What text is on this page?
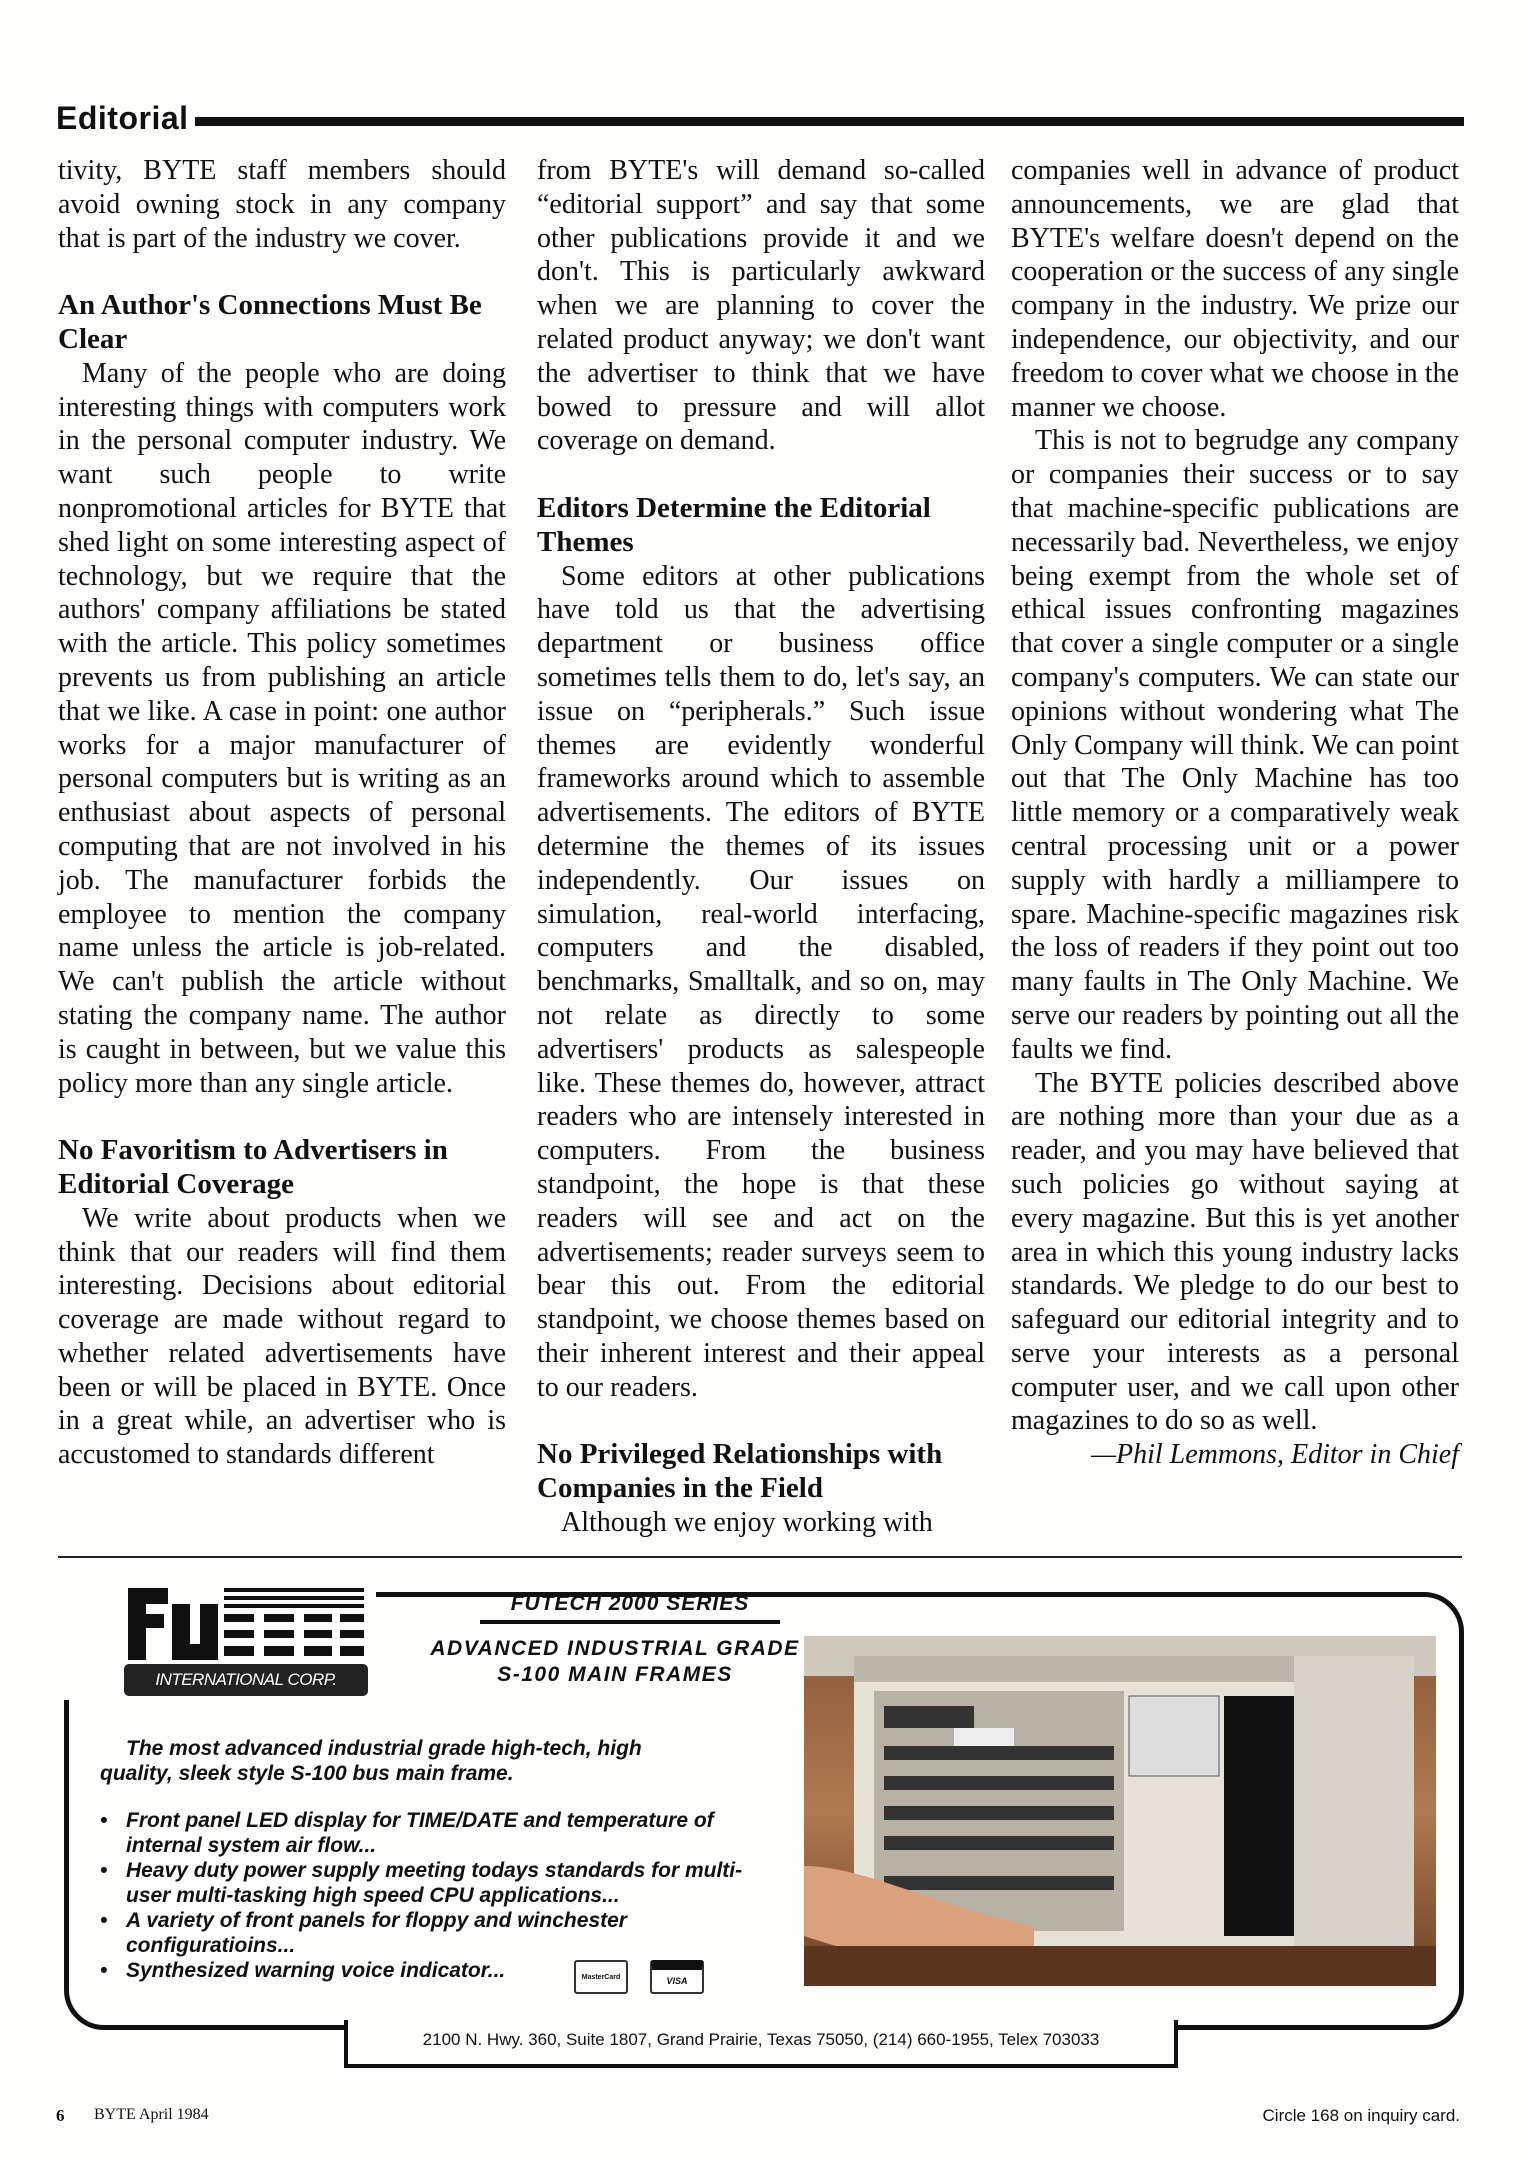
Editorial

tivity, BYTE staff members should avoid owning stock in any company that is part of the industry we cover.

An Author's Connections Must Be Clear

Many of the people who are doing interesting things with computers work in the personal computer industry. We want such people to write nonpromotional articles for BYTE that shed light on some interesting aspect of technology, but we require that the authors' company affiliations be stated with the article. This policy sometimes prevents us from publishing an article that we like. A case in point: one author works for a major manufacturer of personal computers but is writing as an enthusiast about aspects of personal computing that are not involved in his job. The manufacturer forbids the employee to mention the company name unless the article is job-related. We can't publish the article without stating the company name. The author is caught in between, but we value this policy more than any single article.

No Favoritism to Advertisers in Editorial Coverage

We write about products when we think that our readers will find them interesting. Decisions about editorial coverage are made without regard to whether related advertisements have been or will be placed in BYTE. Once in a great while, an advertiser who is accustomed to standards different

from BYTE's will demand so-called “editorial support” and say that some other publications provide it and we don't. This is particularly awkward when we are planning to cover the related product anyway; we don't want the advertiser to think that we have bowed to pressure and will allot coverage on demand.

Editors Determine the Editorial Themes

Some editors at other publications have told us that the advertising department or business office sometimes tells them to do, let's say, an issue on “peripherals.” Such issue themes are evidently wonderful frameworks around which to assemble advertisements. The editors of BYTE determine the themes of its issues independently. Our issues on simulation, real-world interfacing, computers and the disabled, benchmarks, Smalltalk, and so on, may not relate as directly to some advertisers' products as salespeople like. These themes do, however, attract readers who are intensely interested in computers. From the business standpoint, the hope is that these readers will see and act on the advertisements; reader surveys seem to bear this out. From the editorial standpoint, we choose themes based on their inherent interest and their appeal to our readers.

No Privileged Relationships with Companies in the Field

Although we enjoy working with

companies well in advance of product announcements, we are glad that BYTE's welfare doesn't depend on the cooperation or the success of any single company in the industry. We prize our independence, our objectivity, and our freedom to cover what we choose in the manner we choose.

This is not to begrudge any company or companies their success or to say that machine-specific publications are necessarily bad. Nevertheless, we enjoy being exempt from the whole set of ethical issues confronting magazines that cover a single computer or a single company's computers. We can state our opinions without wondering what The Only Company will think. We can point out that The Only Machine has too little memory or a comparatively weak central processing unit or a power supply with hardly a milliampere to spare. Machine-specific magazines risk the loss of readers if they point out too many faults in The Only Machine. We serve our readers by pointing out all the faults we find.

The BYTE policies described above are nothing more than your due as a reader, and you may have believed that such policies go without saying at every magazine. But this is yet another area in which this young industry lacks standards. We pledge to do our best to safeguard our editorial integrity and to serve your interests as a personal computer user, and we call upon other magazines to do so as well.

—Phil Lemmons, Editor in Chief

INTERNATIONAL CORP.
FUTECH 2000 SERIES
ADVANCED INDUSTRIAL GRADE
S-100 MAIN FRAMES
The most advanced industrial grade high-tech, high quality, sleek style S-100 bus main frame.
• Front panel LED display for TIME/DATE and temperature of internal system air flow...
• Heavy duty power supply meeting todays standards for multi-user multi-tasking high speed CPU applications...
• A variety of front panels for floppy and winchester configuratioins...
• Synthesized warning voice indicator...	MasterCard	VISA
2100 N. Hwy. 360, Suite 1807, Grand Prairie, Texas 75050, (214) 660-1955, Telex 703033
6 BYTE April 1984	Circle 168 on inquiry card.
